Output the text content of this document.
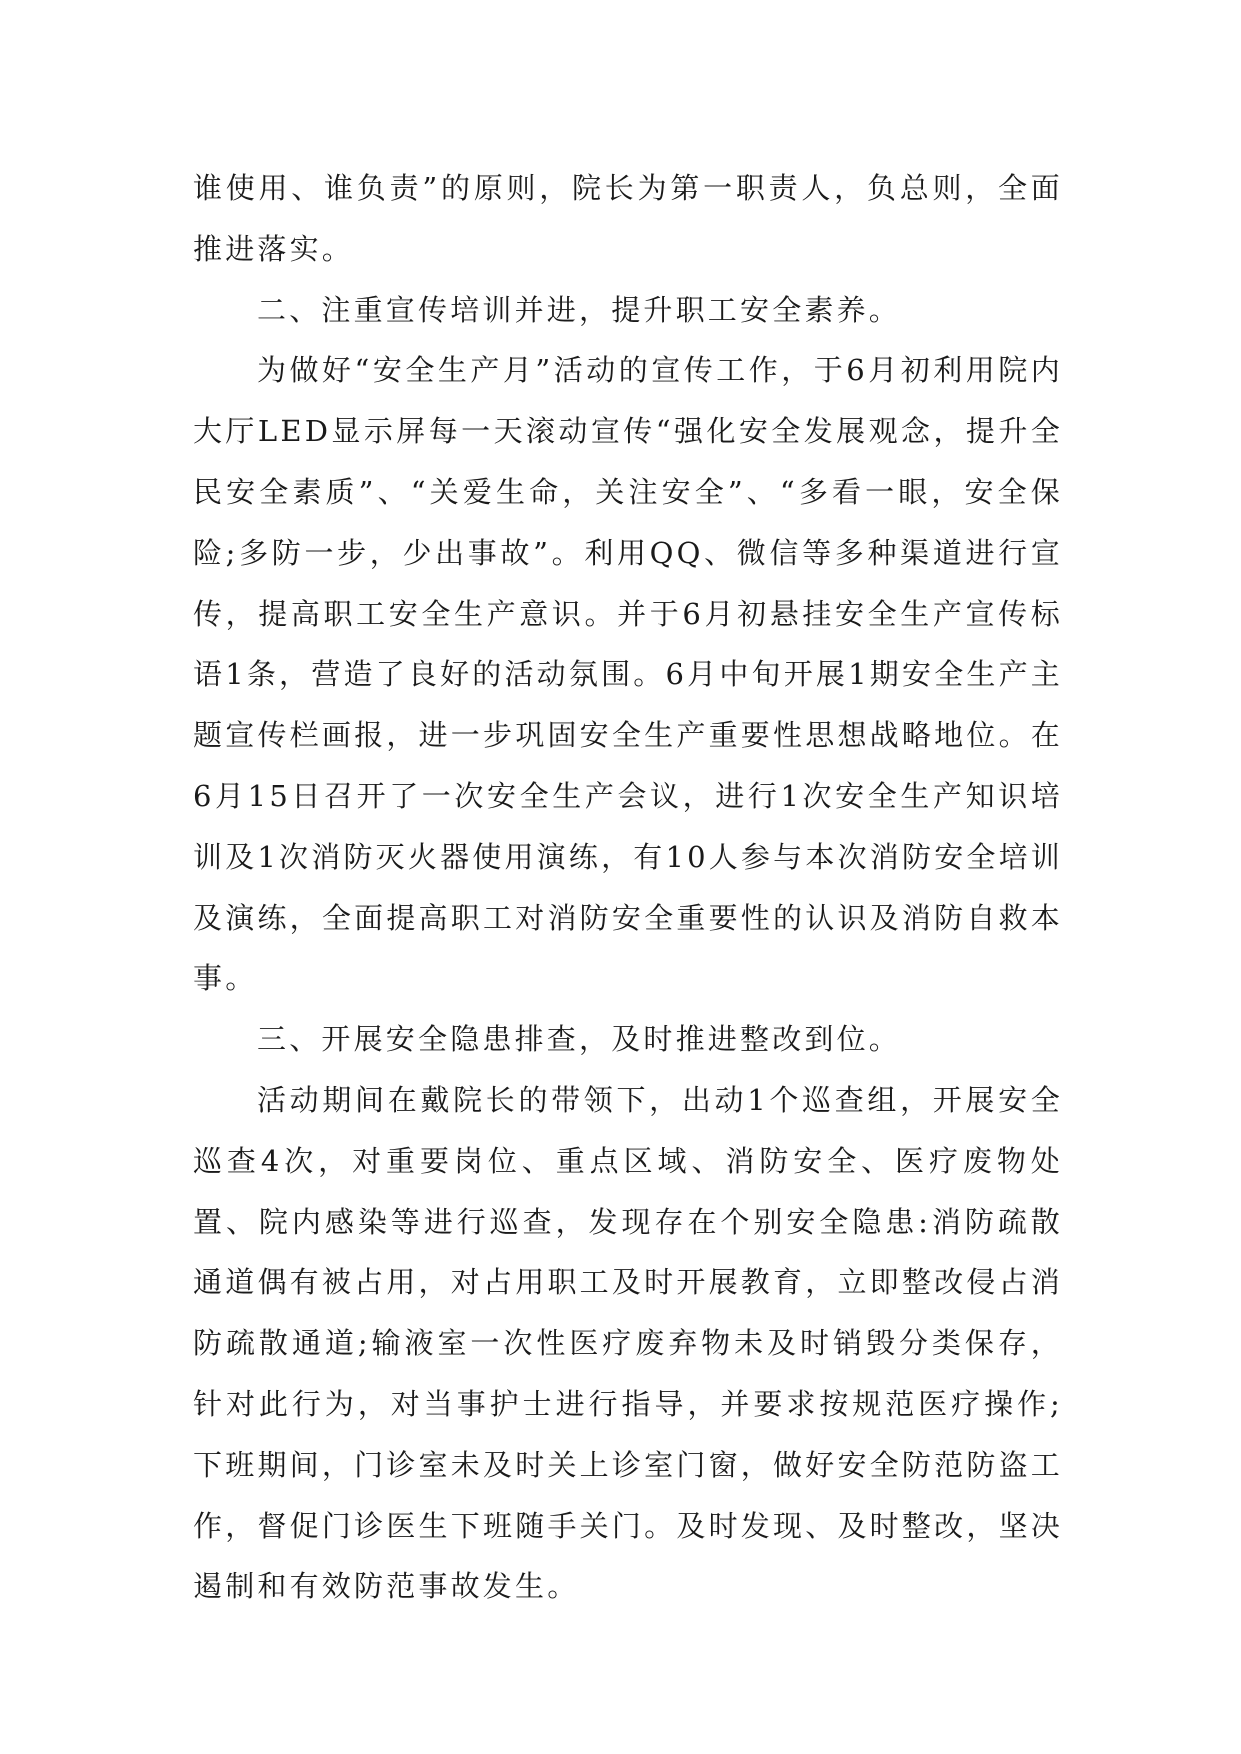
谁使用、谁负责”的原则，院长为第一职责人，负总则，全面推进落实。

二、注重宣传培训并进，提升职工安全素养。

为做好“安全生产月”活动的宣传工作，于6月初利用院内大厅LED显示屏每一天滚动宣传“强化安全发展观念，提升全民安全素质”、“关爱生命，关注安全”、“多看一眼，安全保险;多防一步，少出事故”。利用QQ、微信等多种渠道进行宣传，提高职工安全生产意识。并于6月初悬挂安全生产宣传标语1条，营造了良好的活动氛围。6月中旬开展1期安全生产主题宣传栏画报，进一步巩固安全生产重要性思想战略地位。在6月15日召开了一次安全生产会议，进行1次安全生产知识培训及1次消防灭火器使用演练，有10人参与本次消防安全培训及演练，全面提高职工对消防安全重要性的认识及消防自救本事。

三、开展安全隐患排查，及时推进整改到位。

活动期间在戴院长的带领下，出动1个巡查组，开展安全巡查4次，对重要岗位、重点区域、消防安全、医疗废物处置、院内感染等进行巡查，发现存在个别安全隐患:消防疏散通道偶有被占用，对占用职工及时开展教育，立即整改侵占消防疏散通道;输液室一次性医疗废弃物未及时销毁分类保存，针对此行为，对当事护士进行指导，并要求按规范医疗操作;下班期间，门诊室未及时关上诊室门窗，做好安全防范防盗工作，督促门诊医生下班随手关门。及时发现、及时整改，坚决遏制和有效防范事故发生。
